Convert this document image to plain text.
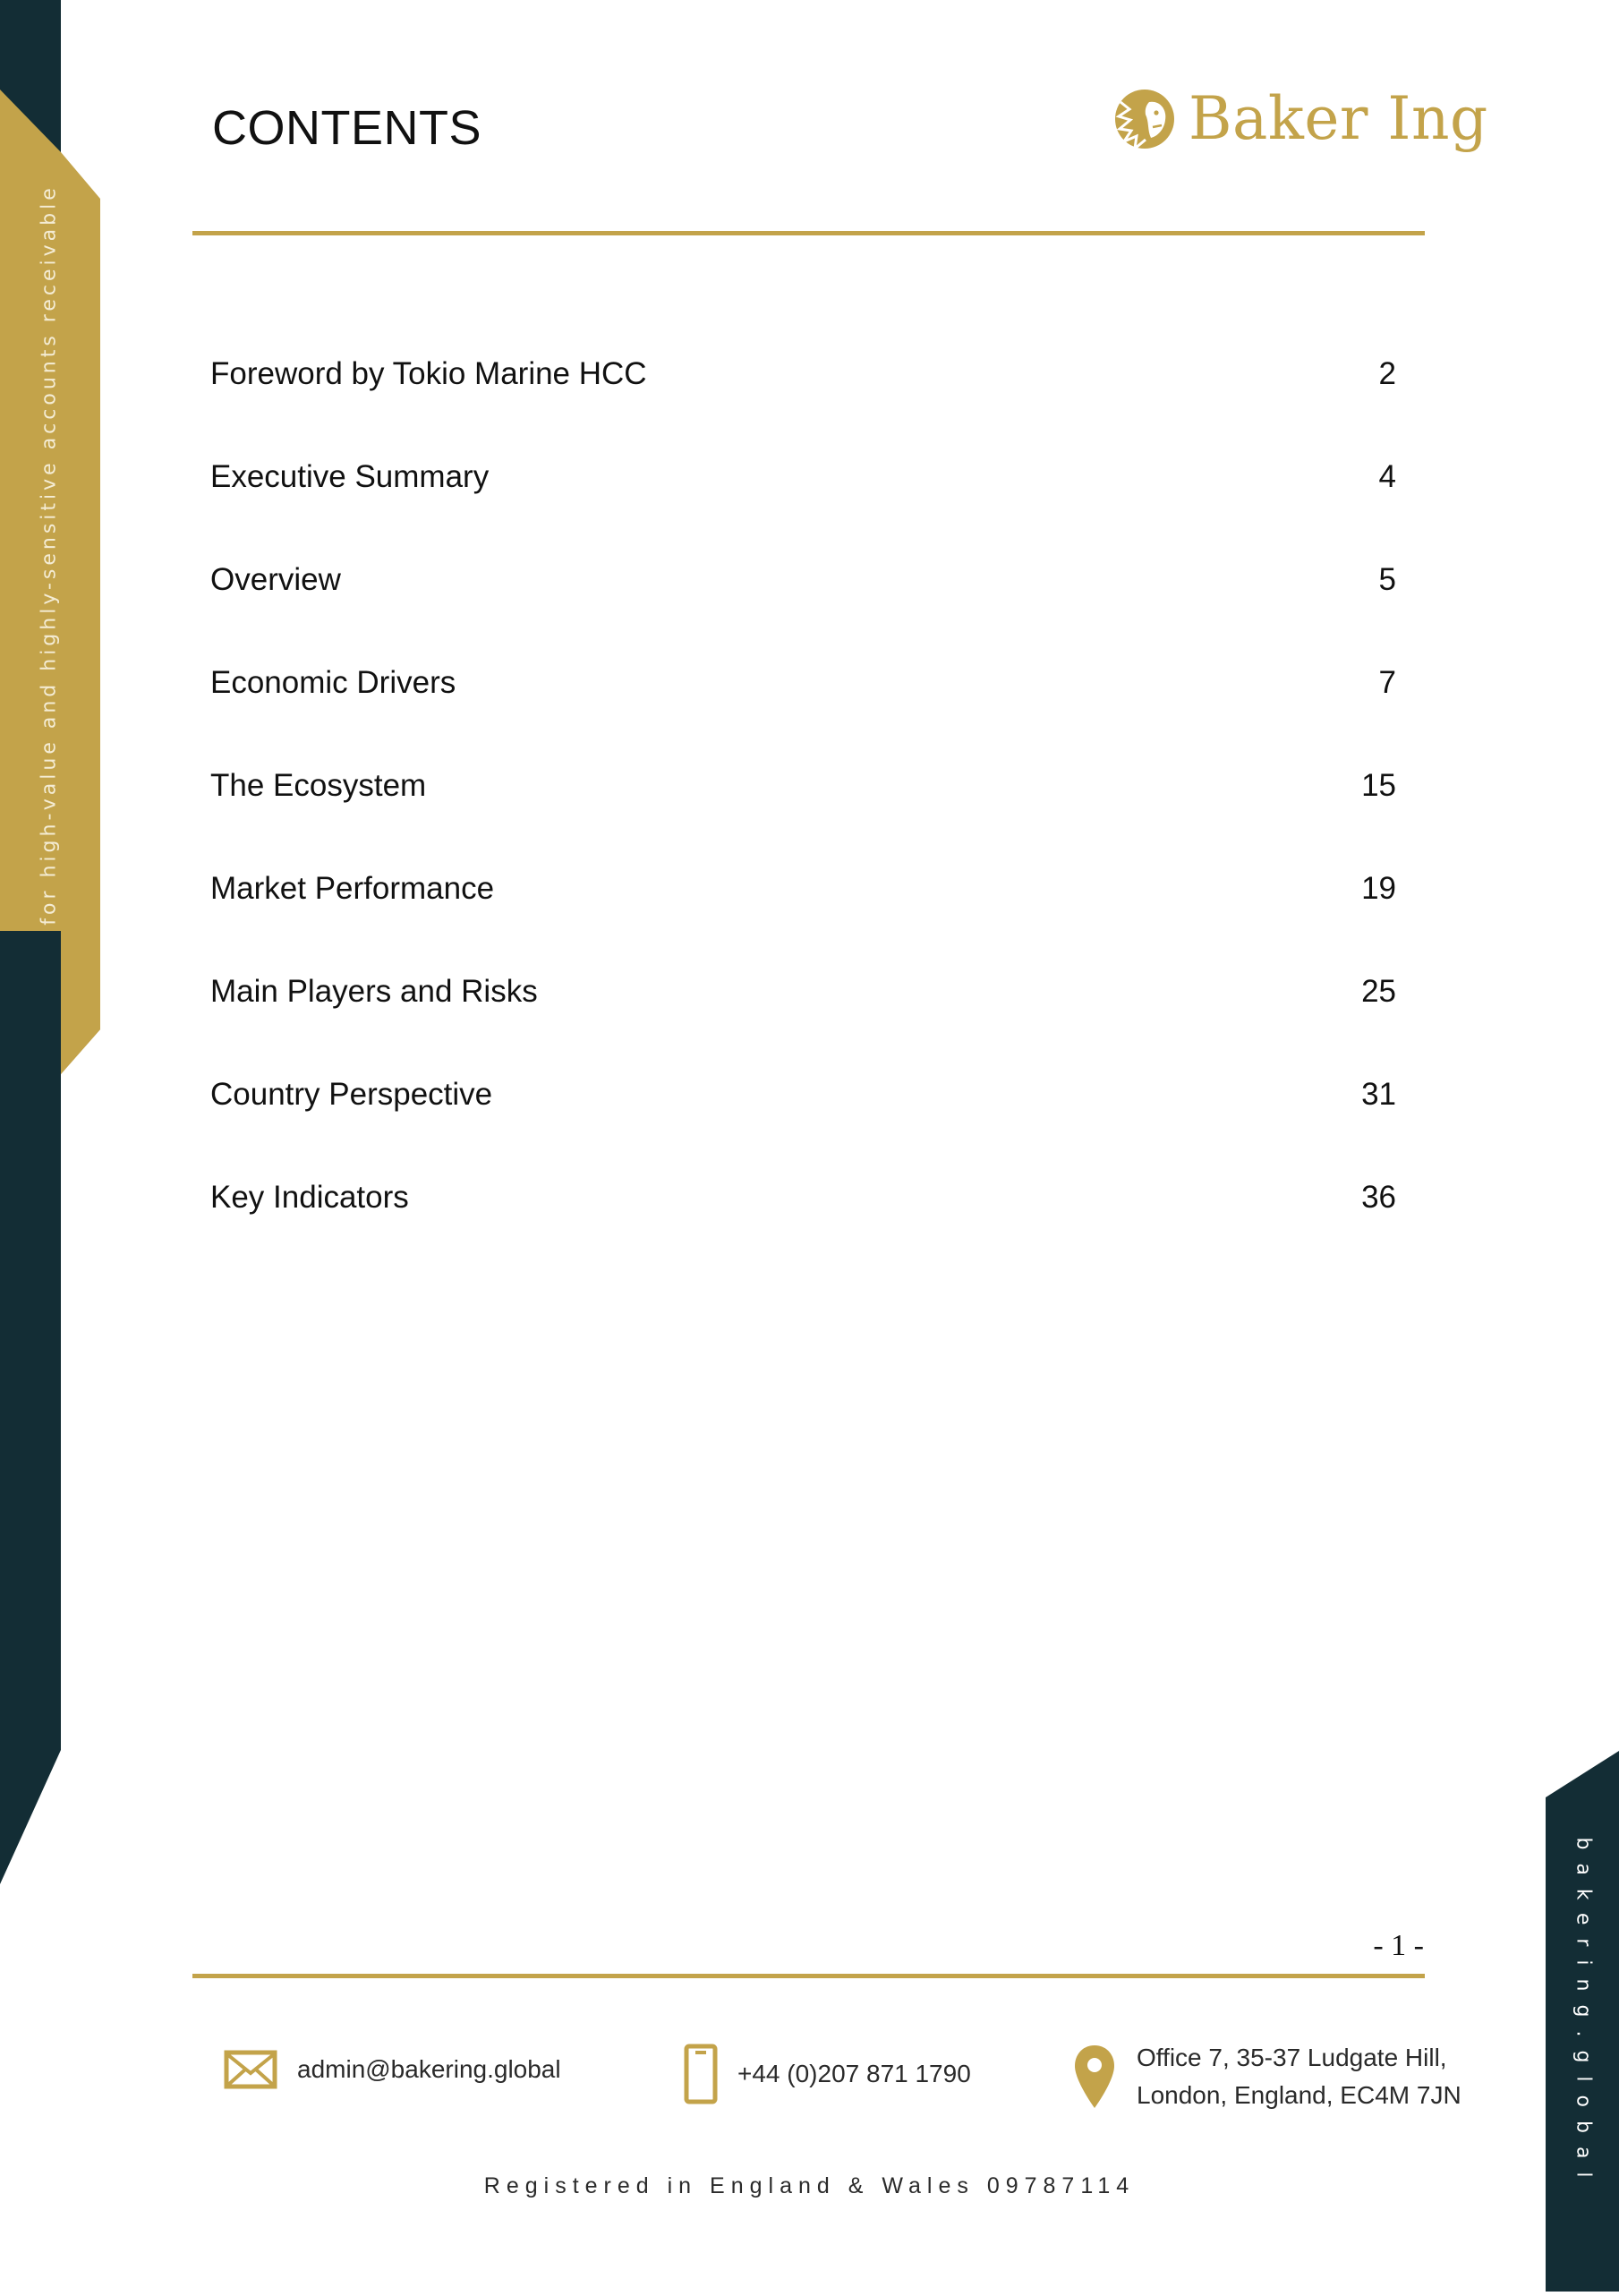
for high-value and highly-sensitive accounts receivable
bakering.global
CONTENTS	Baker Ing
Foreword by Tokio Marine HCC	2
Executive Summary	4
Overview	5
Economic Drivers	7
The Ecosystem	15
Market Performance	19
Main Players and Risks	25
Country Perspective	31
Key Indicators	36
- 1 -
admin@bakering.global	+44 (0)207 871 1790
Office 7, 35-37 Ludgate Hill,
London, England, EC4M 7JN
Registered in England & Wales 09787114
